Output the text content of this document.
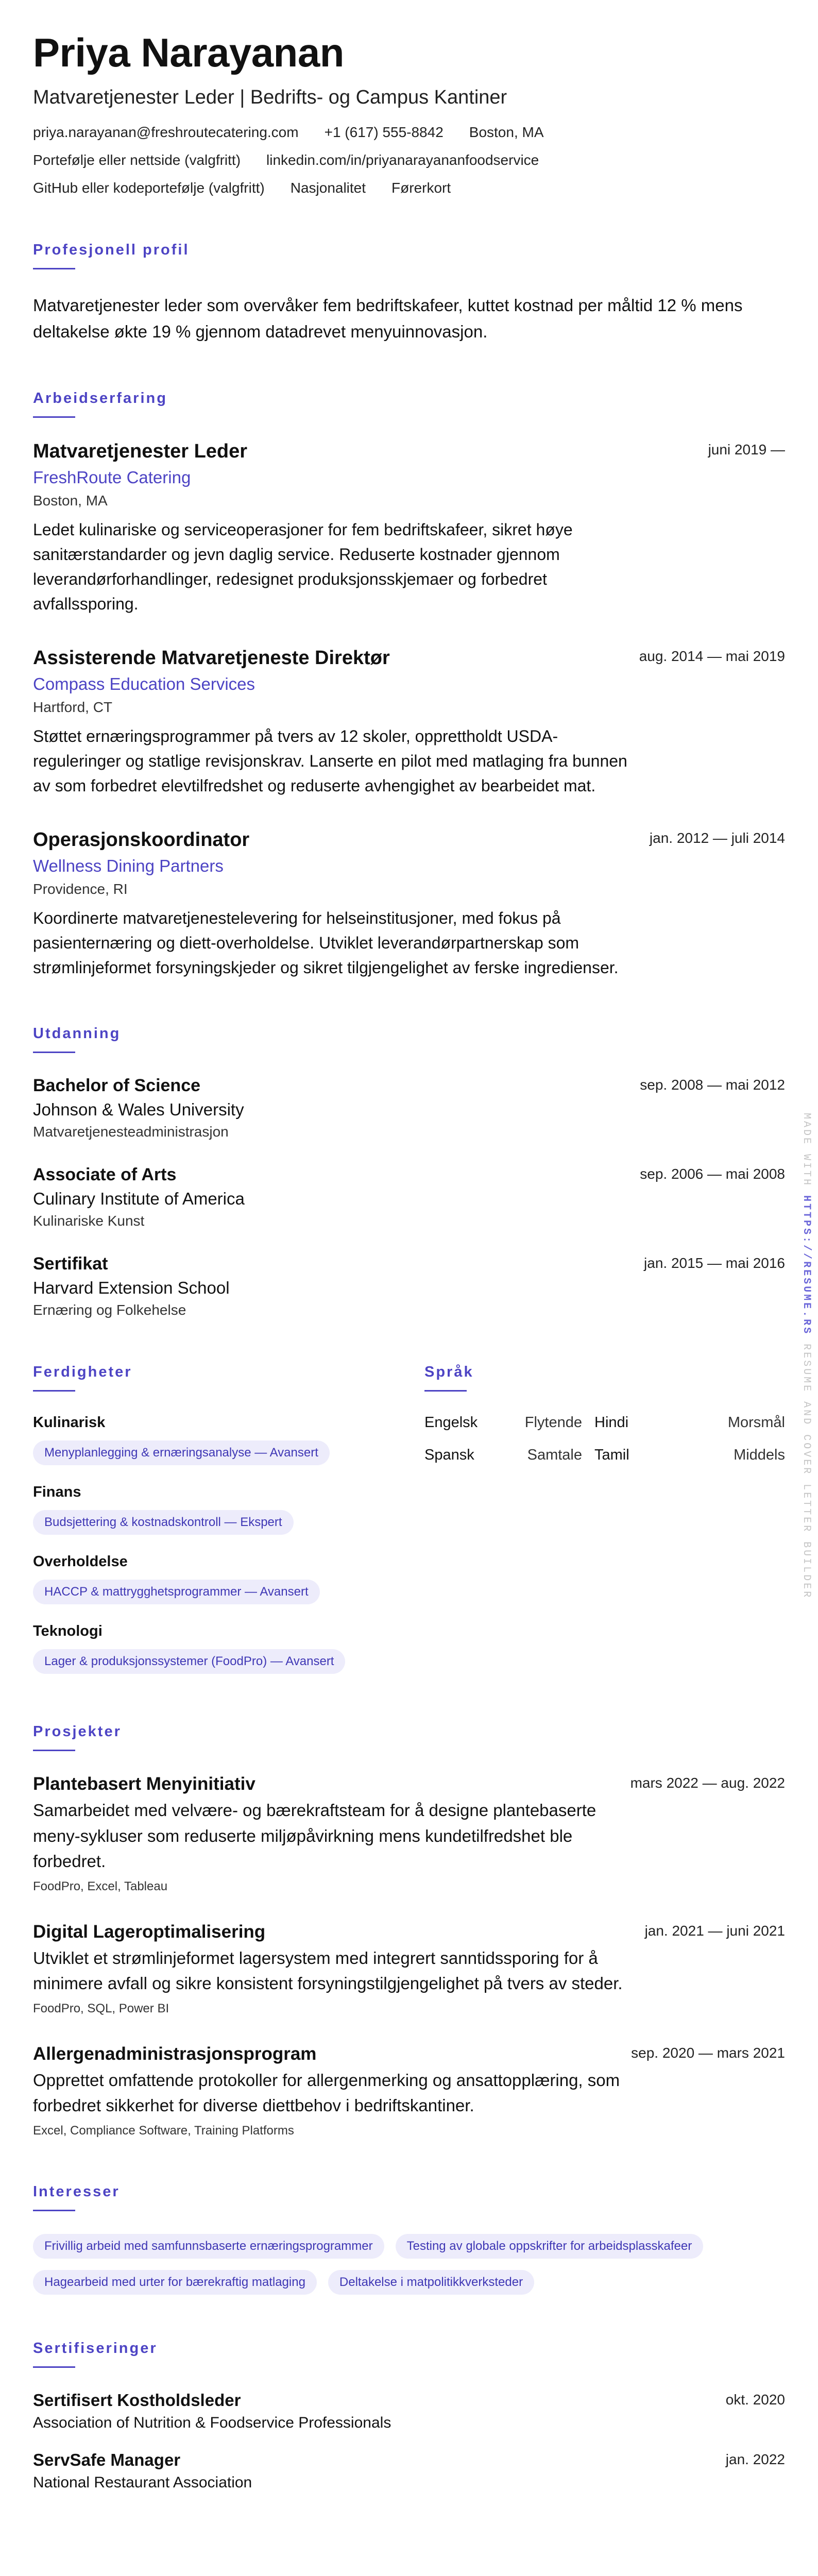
Priya Narayanan
Matvaretjenester Leder | Bedrifts- og Campus Kantiner
priya.narayanan@freshroutecatering.com +1 (617) 555-8842 Boston, MA
Portefølje eller nettside (valgfritt) linkedin.com/in/priyanarayananfoodservice
GitHub eller kodeportefølje (valgfritt) Nasjonalitet Førerkort
Profesjonell profil
Matvaretjenester leder som overvåker fem bedriftskafeer, kuttet kostnad per måltid 12 % mens deltakelse økte 19 % gjennom datadrevet menyuinnovasjon.
Arbeidserfaring
juni 2019 —
Matvaretjenester Leder
FreshRoute Catering
Boston, MA
Ledet kulinariske og serviceoperasjoner for fem bedriftskafeer, sikret høye sanitærstandarder og jevn daglig service. Reduserte kostnader gjennom leverandørforhandlinger, redesignet produksjonsskjemaer og forbedret avfallssporing.
aug. 2014 — mai 2019
Assisterende Matvaretjeneste Direktør
Compass Education Services
Hartford, CT
Støttet ernæringsprogrammer på tvers av 12 skoler, opprettholdt USDA-reguleringer og statlige revisjonskrav. Lanserte en pilot med matlaging fra bunnen av som forbedret elevtilfredshet og reduserte avhengighet av bearbeidet mat.
jan. 2012 — juli 2014
Operasjonskoordinator
Wellness Dining Partners
Providence, RI
Koordinerte matvaretjenestelevering for helseinstitusjoner, med fokus på pasienternæring og diett-overholdelse. Utviklet leverandørpartnerskap som strømlinjeformet forsyningskjeder og sikret tilgjengelighet av ferske ingredienser.
Utdanning
sep. 2008 — mai 2012
Bachelor of Science
Johnson & Wales University
Matvaretjenesteadministrasjon
sep. 2006 — mai 2008
Associate of Arts
Culinary Institute of America
Kulinariske Kunst
jan. 2015 — mai 2016
Sertifikat
Harvard Extension School
Ernæring og Folkehelse
Ferdigheter
Kulinarisk
Menyplanlegging & ernæringsanalyse — Avansert
Finans
Budsjettering & kostnadskontroll — Ekspert
Overholdelse
HACCP & mattrygghetsprogrammer — Avansert
Teknologi
Lager & produksjonssystemer (FoodPro) — Avansert
Språk
Engelsk	Flytende Hindi	Morsmål
Spansk	Samtale Tamil	Middels
Prosjekter
mars 2022 — aug. 2022
Plantebasert Menyinitiativ
Samarbeidet med velvære- og bærekraftsteam for å designe plantebaserte meny-sykluser som reduserte miljøpåvirkning mens kundetilfredshet ble forbedret.
FoodPro, Excel, Tableau
jan. 2021 — juni 2021
Digital Lageroptimalisering
Utviklet et strømlinjeformet lagersystem med integrert sanntidssporing for å minimere avfall og sikre konsistent forsyningstilgjengelighet på tvers av steder.
FoodPro, SQL, Power BI
sep. 2020 — mars 2021
Allergenadministrasjonsprogram
Opprettet omfattende protokoller for allergenmerking og ansattopplæring, som forbedret sikkerhet for diverse diettbehov i bedriftskantiner.
Excel, Compliance Software, Training Platforms
Interesser
Frivillig arbeid med samfunnsbaserte ernæringsprogrammer	Testing av globale oppskrifter for arbeidsplasskafeer
Hagearbeid med urter for bærekraftig matlaging	Deltakelse i matpolitikkverksteder
Sertifiseringer
okt. 2020
Sertifisert Kostholdsleder
Association of Nutrition & Foodservice Professionals
jan. 2022
ServSafe Manager
National Restaurant Association
MADE WITH HTTPS://RESUME.RS RESUME AND COVER LETTER BUILDER
